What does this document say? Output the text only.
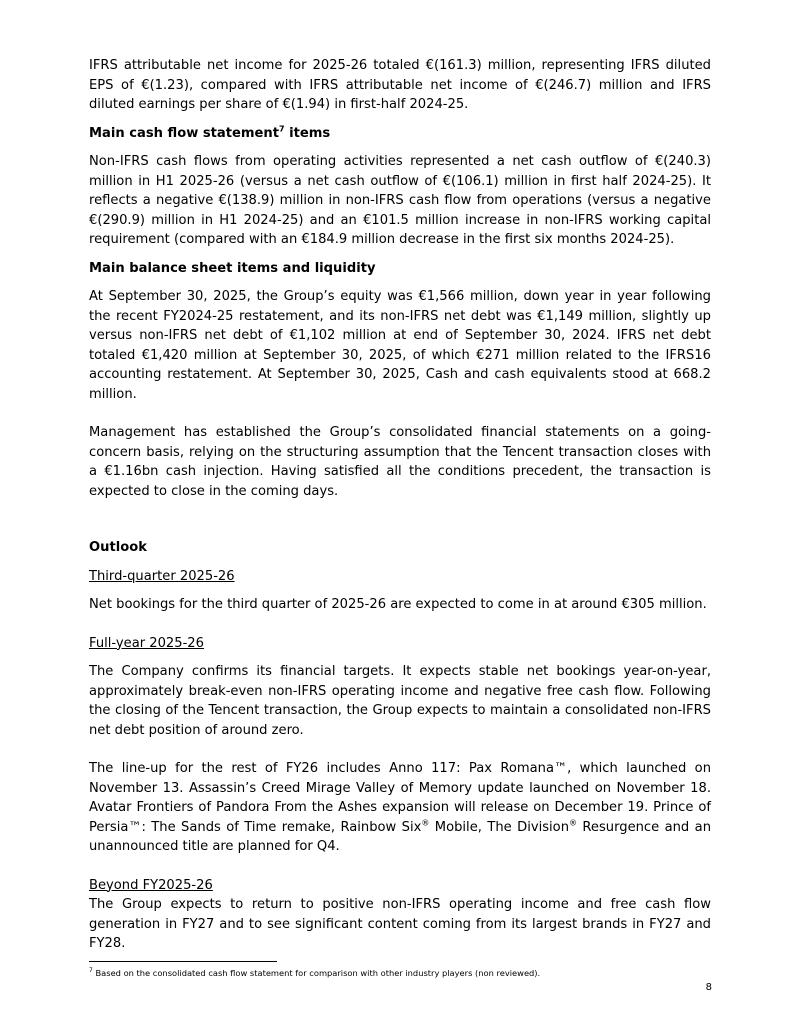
IFRS attributable net income for 2025-26 totaled €(161.3) million, representing IFRS diluted EPS of €(1.23), compared with IFRS attributable net income of €(246.7) million and IFRS diluted earnings per share of €(1.94) in first-half 2024-25.

Main cash flow statement$^7$ items

Non-IFRS cash flows from operating activities represented a net cash outflow of €(240.3) million in H1 2025-26 (versus a net cash outflow of €(106.1) million in first half 2024-25). It reflects a negative €(138.9) million in non-IFRS cash flow from operations (versus a negative €(290.9) million in H1 2024-25) and an €101.5 million increase in non-IFRS working capital requirement (compared with an €184.9 million decrease in the first six months 2024-25).

Main balance sheet items and liquidity

At September 30, 2025, the Group’s equity was €1,566 million, down year in year following the recent FY2024-25 restatement, and its non-IFRS net debt was €1,149 million, slightly up versus non-IFRS net debt of €1,102 million at end of September 30, 2024. IFRS net debt totaled €1,420 million at September 30, 2025, of which €271 million related to the IFRS16 accounting restatement. At September 30, 2025, Cash and cash equivalents stood at 668.2 million.

Management has established the Group’s consolidated financial statements on a going-concern basis, relying on the structuring assumption that the Tencent transaction closes with a €1.16bn cash injection. Having satisfied all the conditions precedent, the transaction is expected to close in the coming days.

Outlook

Third-quarter 2025-26

Net bookings for the third quarter of 2025-26 are expected to come in at around €305 million.

Full-year 2025-26

The Company confirms its financial targets. It expects stable net bookings year-on-year, approximately break-even non-IFRS operating income and negative free cash flow. Following the closing of the Tencent transaction, the Group expects to maintain a consolidated non-IFRS net debt position of around zero.

The line-up for the rest of FY26 includes Anno 117: Pax Romana™, which launched on November 13. Assassin’s Creed Mirage Valley of Memory update launched on November 18. Avatar Frontiers of Pandora From the Ashes expansion will release on December 19. Prince of Persia™: The Sands of Time remake, Rainbow Six® Mobile, The Division® Resurgence and an unannounced title are planned for Q4.

Beyond FY2025-26

The Group expects to return to positive non-IFRS operating income and free cash flow generation in FY27 and to see significant content coming from its largest brands in FY27 and FY28.

$^7$ Based on the consolidated cash flow statement for comparison with other industry players (non reviewed).
8
